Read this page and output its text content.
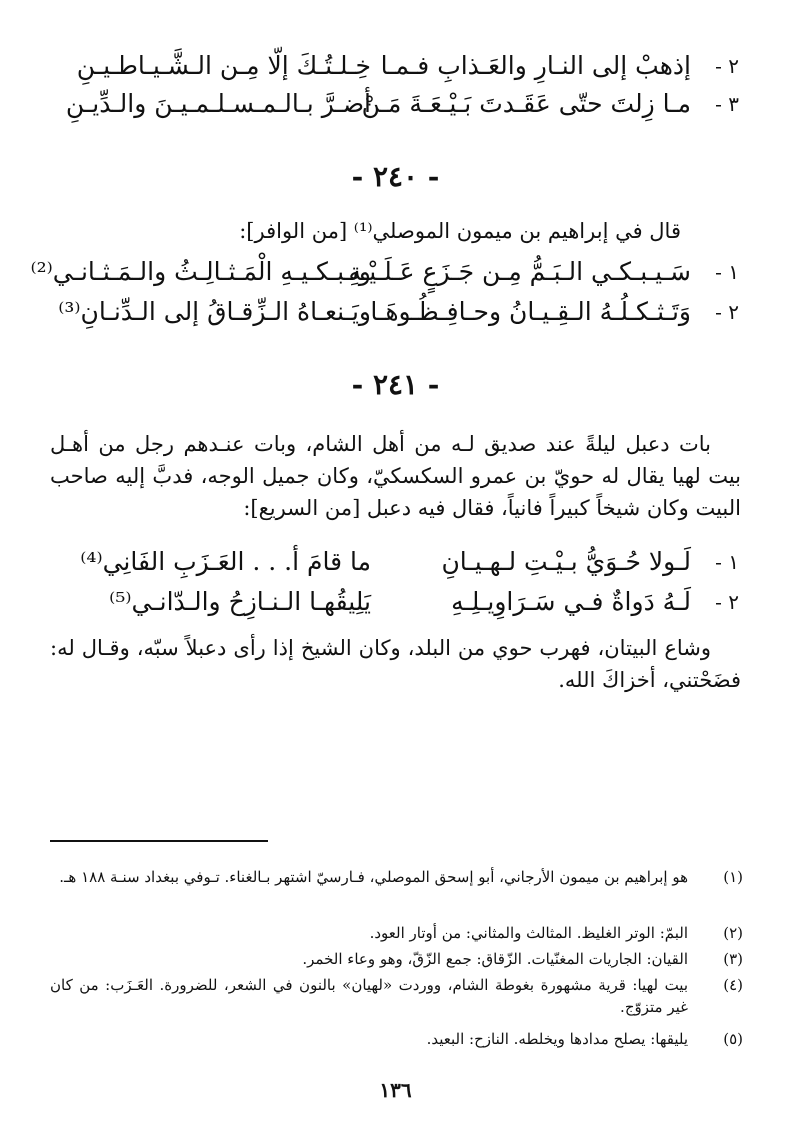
٢ -
إذهبْ إلى النـارِ والعَـذابِ فـمـا
خِـلـتُـكَ إلّا مِـن الـشَّـيـاطـيـنِ
٣ -
مـا زِلتَ حتّى عَقَـدتَ بَـيْـعَـةَ مَـنْ
أضـرَّ بـالـمـسـلـمـيـنَ والـدِّيـنِ
- ٢٤٠ -
قال في إبراهيم بن ميمون الموصلي⁽¹⁾ [من الوافر]:
١ -
سَـيـبـكـي الـبَـمُّ مِـن جَـزَعٍ عَـلَـيْـهِ
وتـبـكـيـهِ الْمَـثـالِـثُ والـمَـثـانـي⁽²⁾
٢ -
وَتَـثـكـلُـهُ الـقِـيـانُ وحـافِـظُـوهَـا
ويَـنعـاهُ الـزِّقـاقُ إلى الـدِّنـانِ⁽³⁾
- ٢٤١ -
بات دعبل ليلةً عند صديق لـه من أهل الشام، وبات عنـدهم رجل من أهـل بيت لهيا يقال له حويّ بن عمرو السكسكيّ، وكان جميل الوجه، فدبَّ إليه صاحب البيت وكان شيخاً كبيراً فانياً، فقال فيه دعبل [من السريع]:
١ -
لَـولا حُـوَيُّ بـيْـتِ لـهـيـانِ
ما قامَ أ. . . العَـزَبِ الفَانِي⁽⁴⁾
٢ -
لَـهُ دَواةٌ فـي سَـرَاوِيـلِـهِ
يَلِيقُهـا الـنـازِحُ والـدّانـي⁽⁵⁾
وشاع البيتان، فهرب حوي من البلد، وكان الشيخ إذا رأى دعبلاً سبّه، وقـال له: فضَحْتني، أخزاكَ الله.
(١)
هو إبراهيم بن ميمون الأرجاني، أبو إسحق الموصلي، فـارسيّ اشتهر بـالغناء. تـوفي ببغداد سنـة ١٨٨ هـ.
(٢)
البمّ: الوتر الغليظ. المثالث والمثاني: من أوتار العود.
(٣)
القيان: الجاريات المغنّيات. الزّقاق: جمع الزّقّ، وهو وعاء الخمر.
(٤)
بيت لهيا: قرية مشهورة بغوطة الشام، ووردت «لهيان» بالنون في الشعر، للضرورة. العَـزَب: من كان غير متزوّج.
(٥)
يليقها: يصلح مدادها ويخلطه. النازح: البعيد.
١٣٦
